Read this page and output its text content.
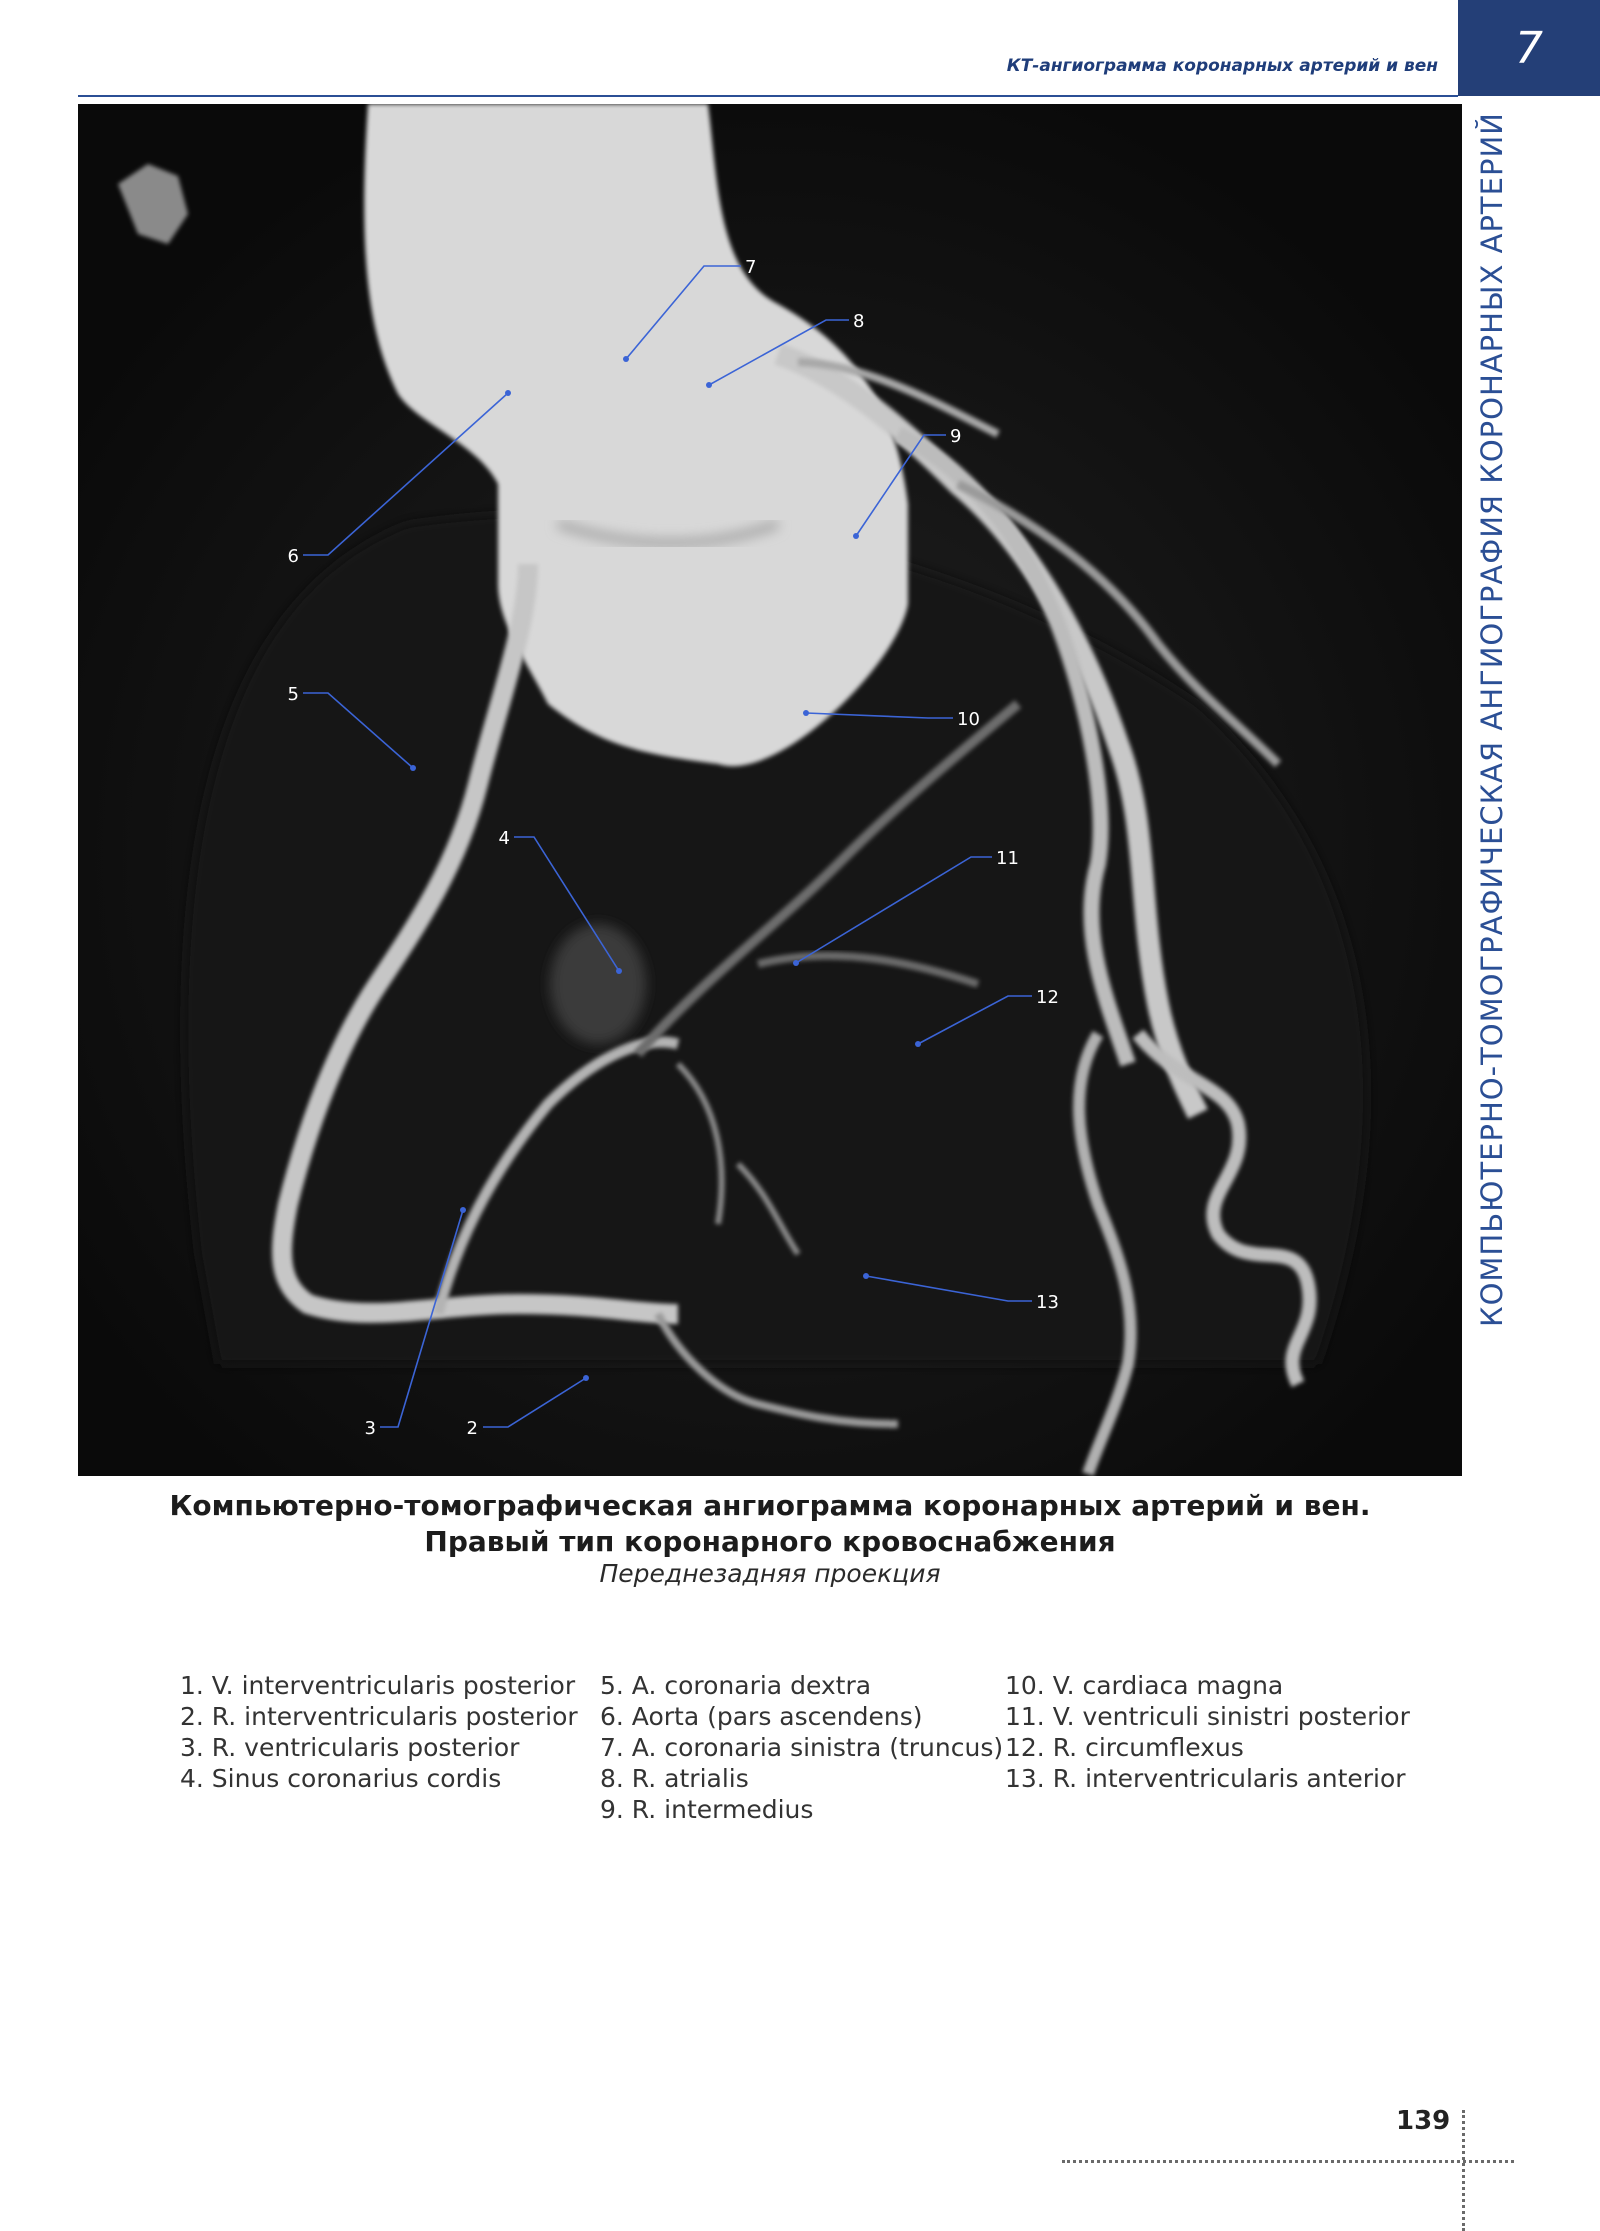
КТ-ангиограмма коронарных артерий и вен	7
КОМПЬЮТЕРНО-ТОМОГРАФИЧЕСКАЯ АНГИОГРАФИЯ КОРОНАРНЫХ АРТЕРИЙ
2
3
4
5
6
7
8
9
10
11
12
13
Компьютерно-томографическая ангиограмма коронарных артерий и вен.
Правый тип коронарного кровоснабжения
Переднезадняя проекция
1. V. interventricularis posterior
2. R. interventricularis posterior
3. R. ventricularis posterior
4. Sinus coronarius cordis
5. A. coronaria dextra
6. Aorta (pars ascendens)
7. A. coronaria sinistra (truncus)
8. R. atrialis
9. R. intermedius
10. V. cardiaca magna
11. V. ventriculi sinistri posterior
12. R. circumflexus
13. R. interventricularis anterior
139
